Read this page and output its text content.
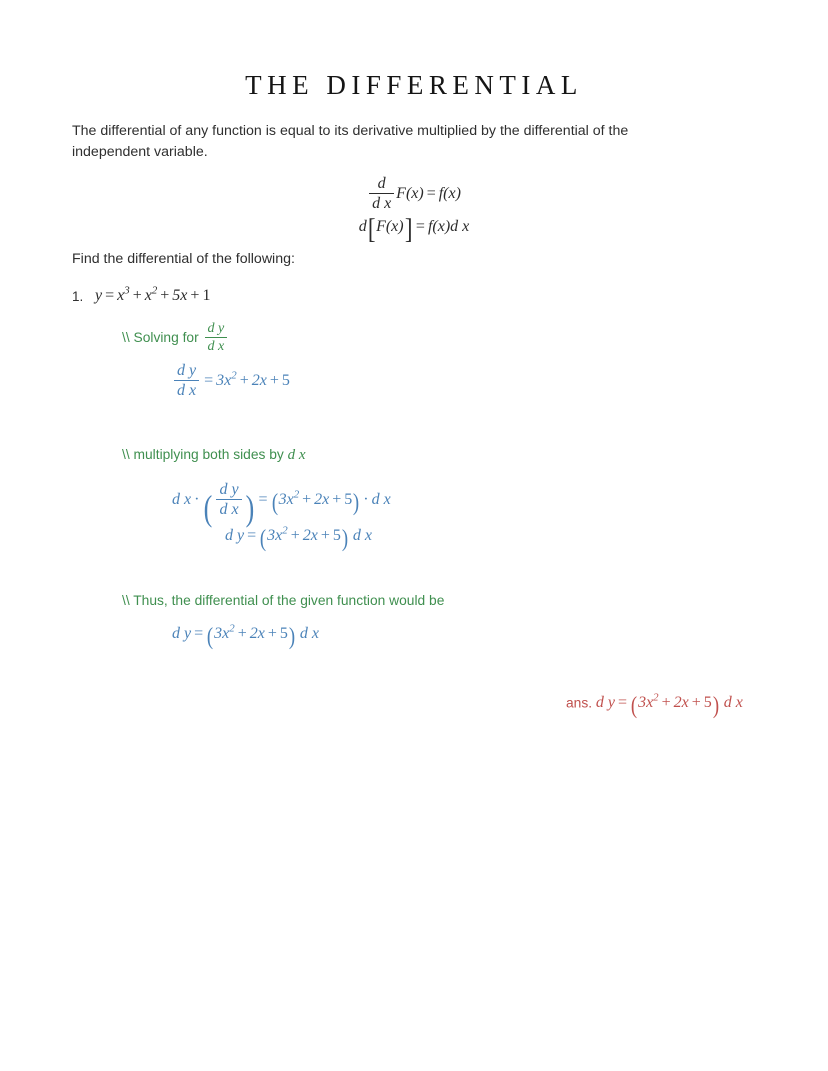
THE DIFFERENTIAL
The differential of any function is equal to its derivative multiplied by the differential of the independent variable.
$\frac{d}{\text{d x}} F(x) = f(x)$
d[F(x)] = f(x)d x
Find the differential of the following:
1. $y = x^3 + x^2 + 5x + 1$
\\ Solving for $\frac{\text{d y}}{\text{d x}}$
$\frac{\text{d y}}{\text{d x}} = 3x^2 + 2x + 5$
\\ multiplying both sides by d x
d x · ( $\frac{\text{d y}}{\text{d x}}$ ) = $(3x^2 + 2x + 5) \cdot d$ x
d $y = (3x^2 + 2x + 5)$ d x
\\ Thus, the differential of the given function would be
d $y = (3x^2 + 2x + 5)$ d x
ans. d $y = (3x^2 + 2x + 5)$ d x
